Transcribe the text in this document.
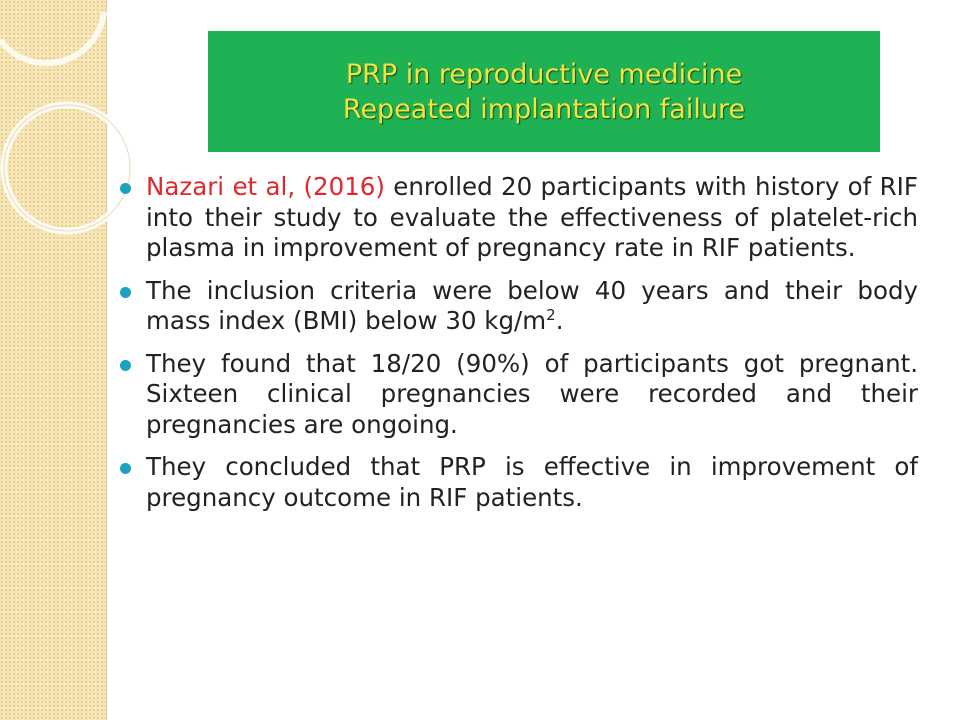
PRP in reproductive medicine
Repeated implantation failure
Nazari et al, (2016) enrolled 20 participants with history of RIF into their study to evaluate the effectiveness of platelet-rich plasma in improvement of pregnancy rate in RIF patients.
The inclusion criteria were below 40 years and their body mass index (BMI) below 30 $kg/m^2$.
They found that 18/20 (90%) of participants got pregnant. Sixteen clinical pregnancies were recorded and their pregnancies are ongoing.
They concluded that PRP is effective in improvement of pregnancy outcome in RIF patients.
